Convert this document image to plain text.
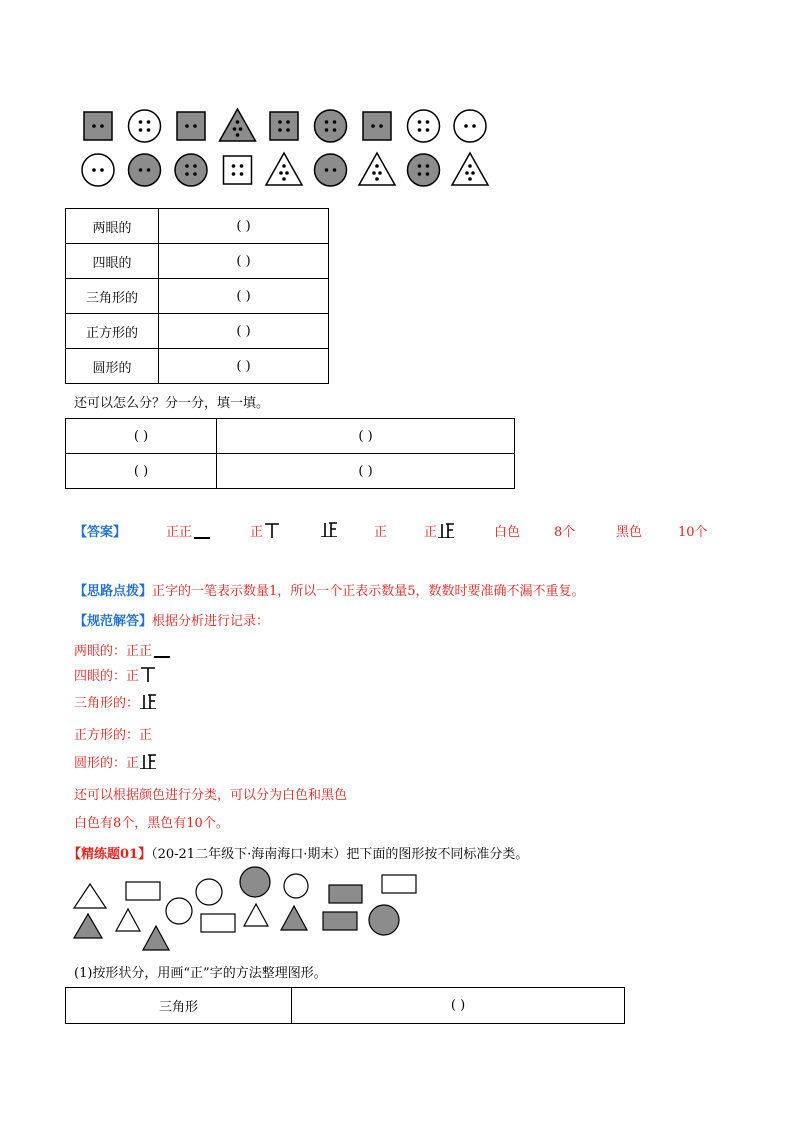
两眼的	( )
四眼的	( )
三角形的	( )
正方形的	( )
圆形的	( )
还可以怎么分？分一分，填一填。
( )	( )
( )	( )
【答案】	正正	正	正	正	白色	8个	黑色	10个
【思路点拨】正字的一笔表示数量1，所以一个正表示数量5，数数时要准确不漏不重复。
【规范解答】根据分析进行记录：
两眼的：正正
四眼的：正
三角形的：
正方形的：正
圆形的：正
还可以根据颜色进行分类，可以分为白色和黑色
白色有8个，黑色有10个。
【精练题01】（20-21二年级下·海南海口·期末）把下面的图形按不同标准分类。
(1)按形状分，用画“正”字的方法整理图形。
三角形	( )
